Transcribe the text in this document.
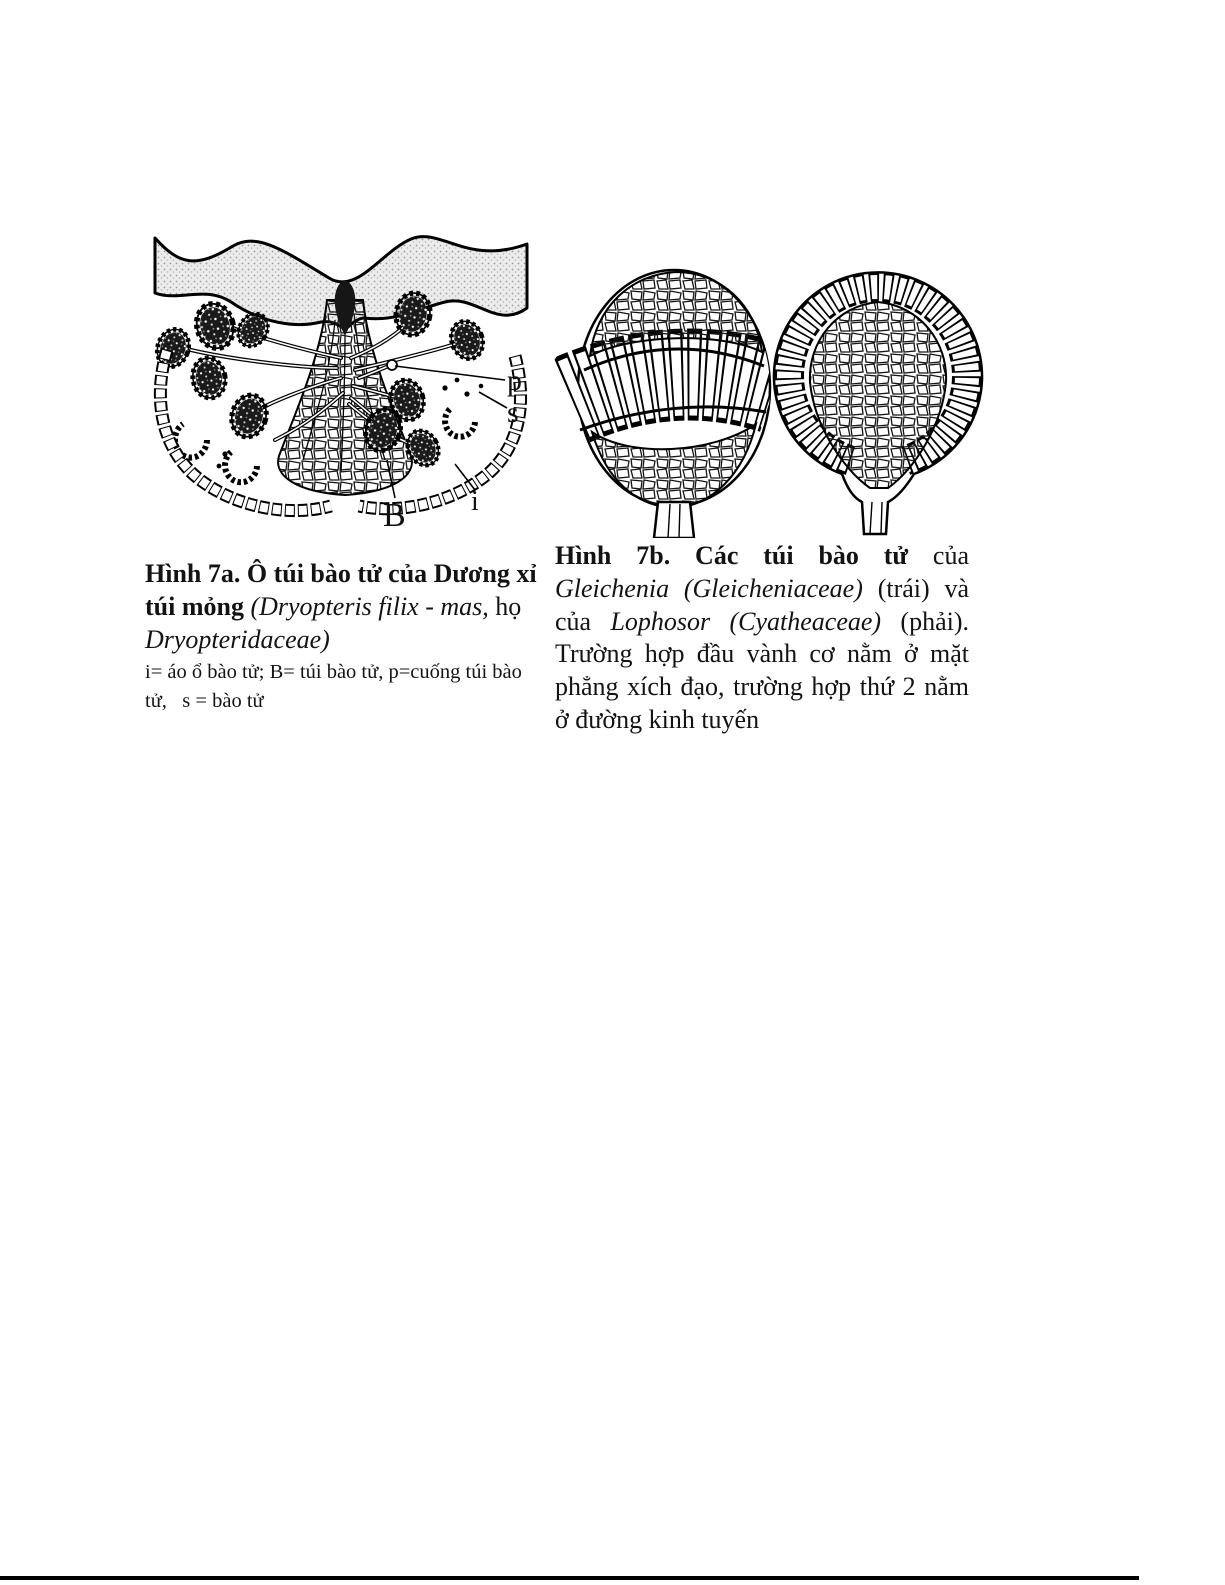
p
s
B i

Hình 7a. Ô túi bào tử của Dương xỉ túi mỏng (Dryopteris filix - mas, họ Dryopteridaceae)

i= áo ổ bào tử; B= túi bào tử, p=cuống túi bào tử,   s = bào tử

Hình 7b. Các túi bào tử của Gleichenia (Gleicheniaceae) (trái) và của Lophosor (Cyatheaceae) (phải). Trường hợp đầu vành cơ nằm ở mặt phẳng xích đạo, trường hợp thứ 2 nằm ở đường kinh tuyến
